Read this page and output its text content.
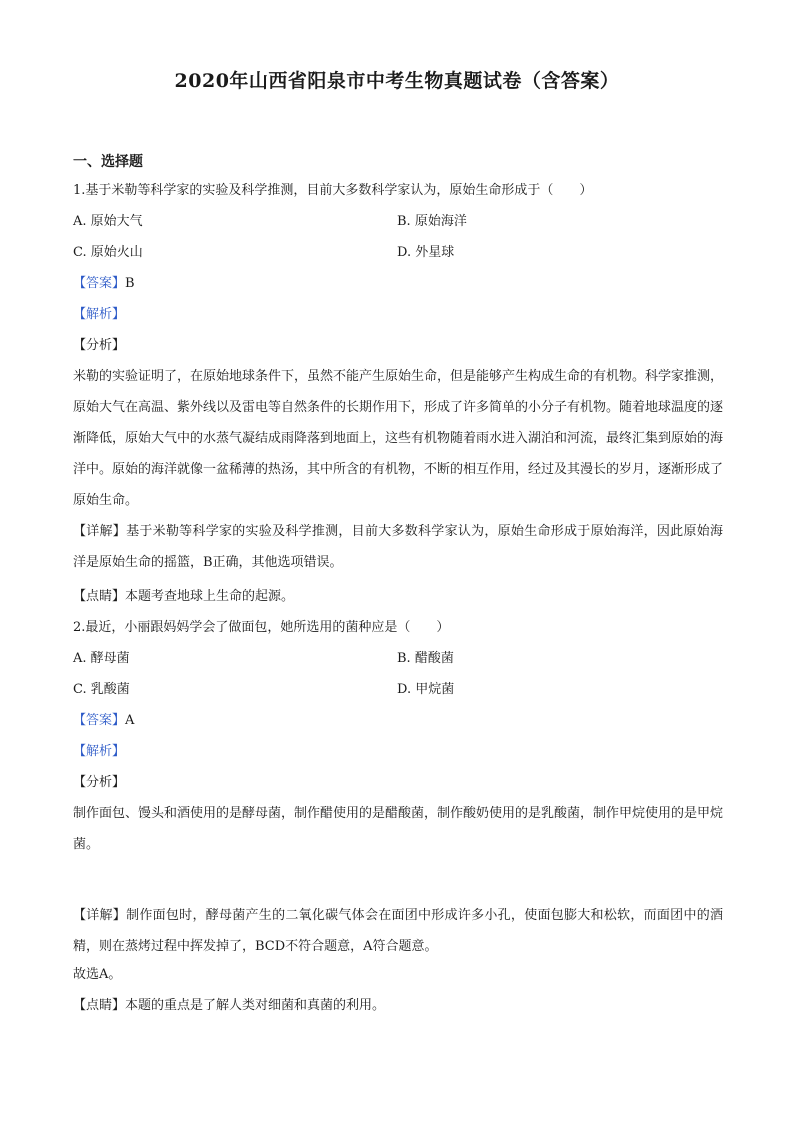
2020年山西省阳泉市中考生物真题试卷（含答案）
一、选择题
1.基于米勒等科学家的实验及科学推测，目前大多数科学家认为，原始生命形成于（　　）
A. 原始大气	B. 原始海洋
C. 原始火山	D. 外星球
【答案】B
【解析】
【分析】
米勒的实验证明了，在原始地球条件下，虽然不能产生原始生命，但是能够产生构成生命的有机物。科学家推测，原始大气在高温、紫外线以及雷电等自然条件的长期作用下，形成了许多简单的小分子有机物。随着地球温度的逐渐降低，原始大气中的水蒸气凝结成雨降落到地面上，这些有机物随着雨水进入湖泊和河流，最终汇集到原始的海洋中。原始的海洋就像一盆稀薄的热汤，其中所含的有机物，不断的相互作用，经过及其漫长的岁月，逐渐形成了原始生命。
【详解】基于米勒等科学家的实验及科学推测，目前大多数科学家认为，原始生命形成于原始海洋，因此原始海洋是原始生命的摇篮，B正确，其他选项错误。
【点睛】本题考查地球上生命的起源。
2.最近，小丽跟妈妈学会了做面包，她所选用的菌种应是（　　）
A. 酵母菌	B. 醋酸菌
C. 乳酸菌	D. 甲烷菌
【答案】A
【解析】
【分析】
制作面包、馒头和酒使用的是酵母菌，制作醋使用的是醋酸菌，制作酸奶使用的是乳酸菌，制作甲烷使用的是甲烷菌。
【详解】制作面包时，酵母菌产生的二氧化碳气体会在面团中形成许多小孔，使面包膨大和松软，而面团中的酒精，则在蒸烤过程中挥发掉了，BCD不符合题意，A符合题意。
故选A。
【点睛】本题的重点是了解人类对细菌和真菌的利用。
